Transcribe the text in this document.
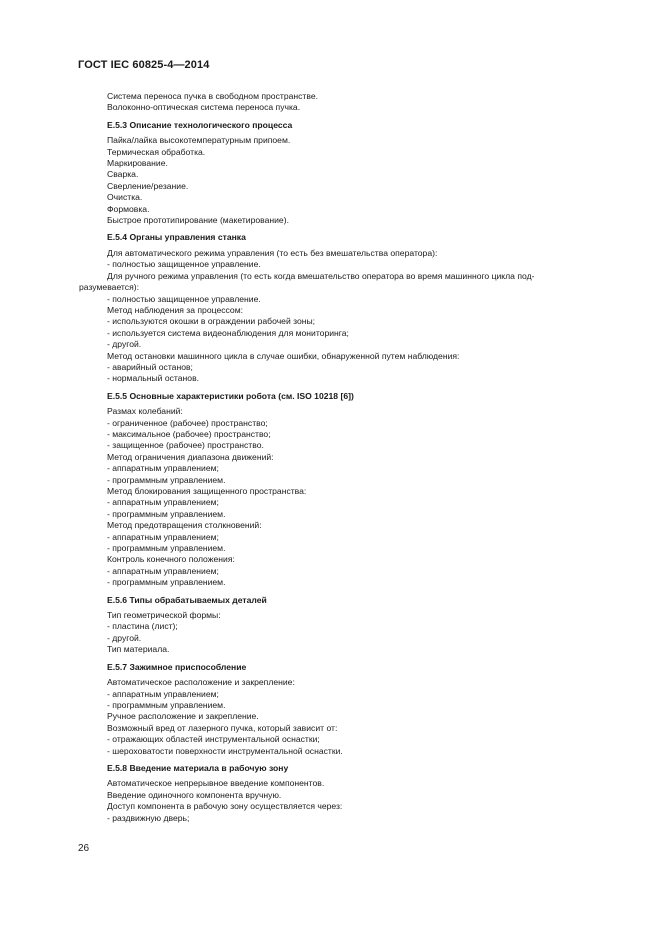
ГОСТ IEC 60825-4—2014

Система переноса пучка в свободном пространстве.

Волоконно-оптическая система переноса пучка.

E.5.3 Описание технологического процесса

Пайка/лайка высокотемпературным припоем.

Термическая обработка.

Маркирование.

Сварка.

Сверление/резание.

Очистка.

Формовка.

Быстрое прототипирование (макетирование).

E.5.4 Органы управления станка

Для автоматического режима управления (то есть без вмешательства оператора):

- полностью защищенное управление.

Для ручного режима управления (то есть когда вмешательство оператора во время машинного цикла под-

разумевается):

- полностью защищенное управление.

Метод наблюдения за процессом:

- используются окошки в ограждении рабочей зоны;

- используется система видеонаблюдения для мониторинга;

- другой.

Метод остановки машинного цикла в случае ошибки, обнаруженной путем наблюдения:

- аварийный останов;

- нормальный останов.

E.5.5 Основные характеристики робота (см. ISO 10218 [6])

Размах колебаний:

- ограниченное (рабочее) пространство;

- максимальное (рабочее) пространство;

- защищенное (рабочее) пространство.

Метод ограничения диапазона движений:

- аппаратным управлением;

- программным управлением.

Метод блокирования защищенного пространства:

- аппаратным управлением;

- программным управлением.

Метод предотвращения столкновений:

- аппаратным управлением;

- программным управлением.

Контроль конечного положения:

- аппаратным управлением;

- программным управлением.

E.5.6 Типы обрабатываемых деталей

Тип геометрической формы:

- пластина (лист);

- другой.

Тип материала.

E.5.7 Зажимное приспособление

Автоматическое расположение и закрепление:

- аппаратным управлением;

- программным управлением.

Ручное расположение и закрепление.

Возможный вред от лазерного пучка, который зависит от:

- отражающих областей инструментальной оснастки;

- шероховатости поверхности инструментальной оснастки.

E.5.8 Введение материала в рабочую зону

Автоматическое непрерывное введение компонентов.

Введение одиночного компонента вручную.

Доступ компонента в рабочую зону осуществляется через:

- раздвижную дверь;

26
